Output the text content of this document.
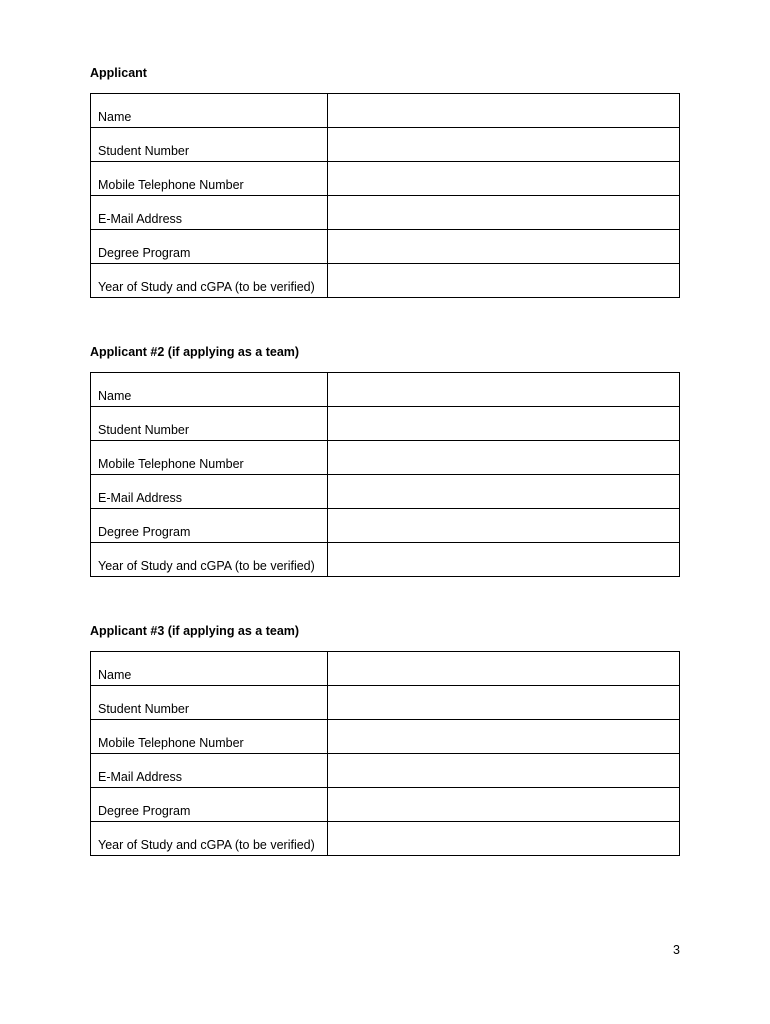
Applicant
Name	
Student Number	
Mobile Telephone Number	
E-Mail Address	
Degree Program	
Year of Study and cGPA (to be verified)	
Applicant #2 (if applying as a team)
Name	
Student Number	
Mobile Telephone Number	
E-Mail Address	
Degree Program	
Year of Study and cGPA (to be verified)	
Applicant #3 (if applying as a team)
Name	
Student Number	
Mobile Telephone Number	
E-Mail Address	
Degree Program	
Year of Study and cGPA (to be verified)	
3
